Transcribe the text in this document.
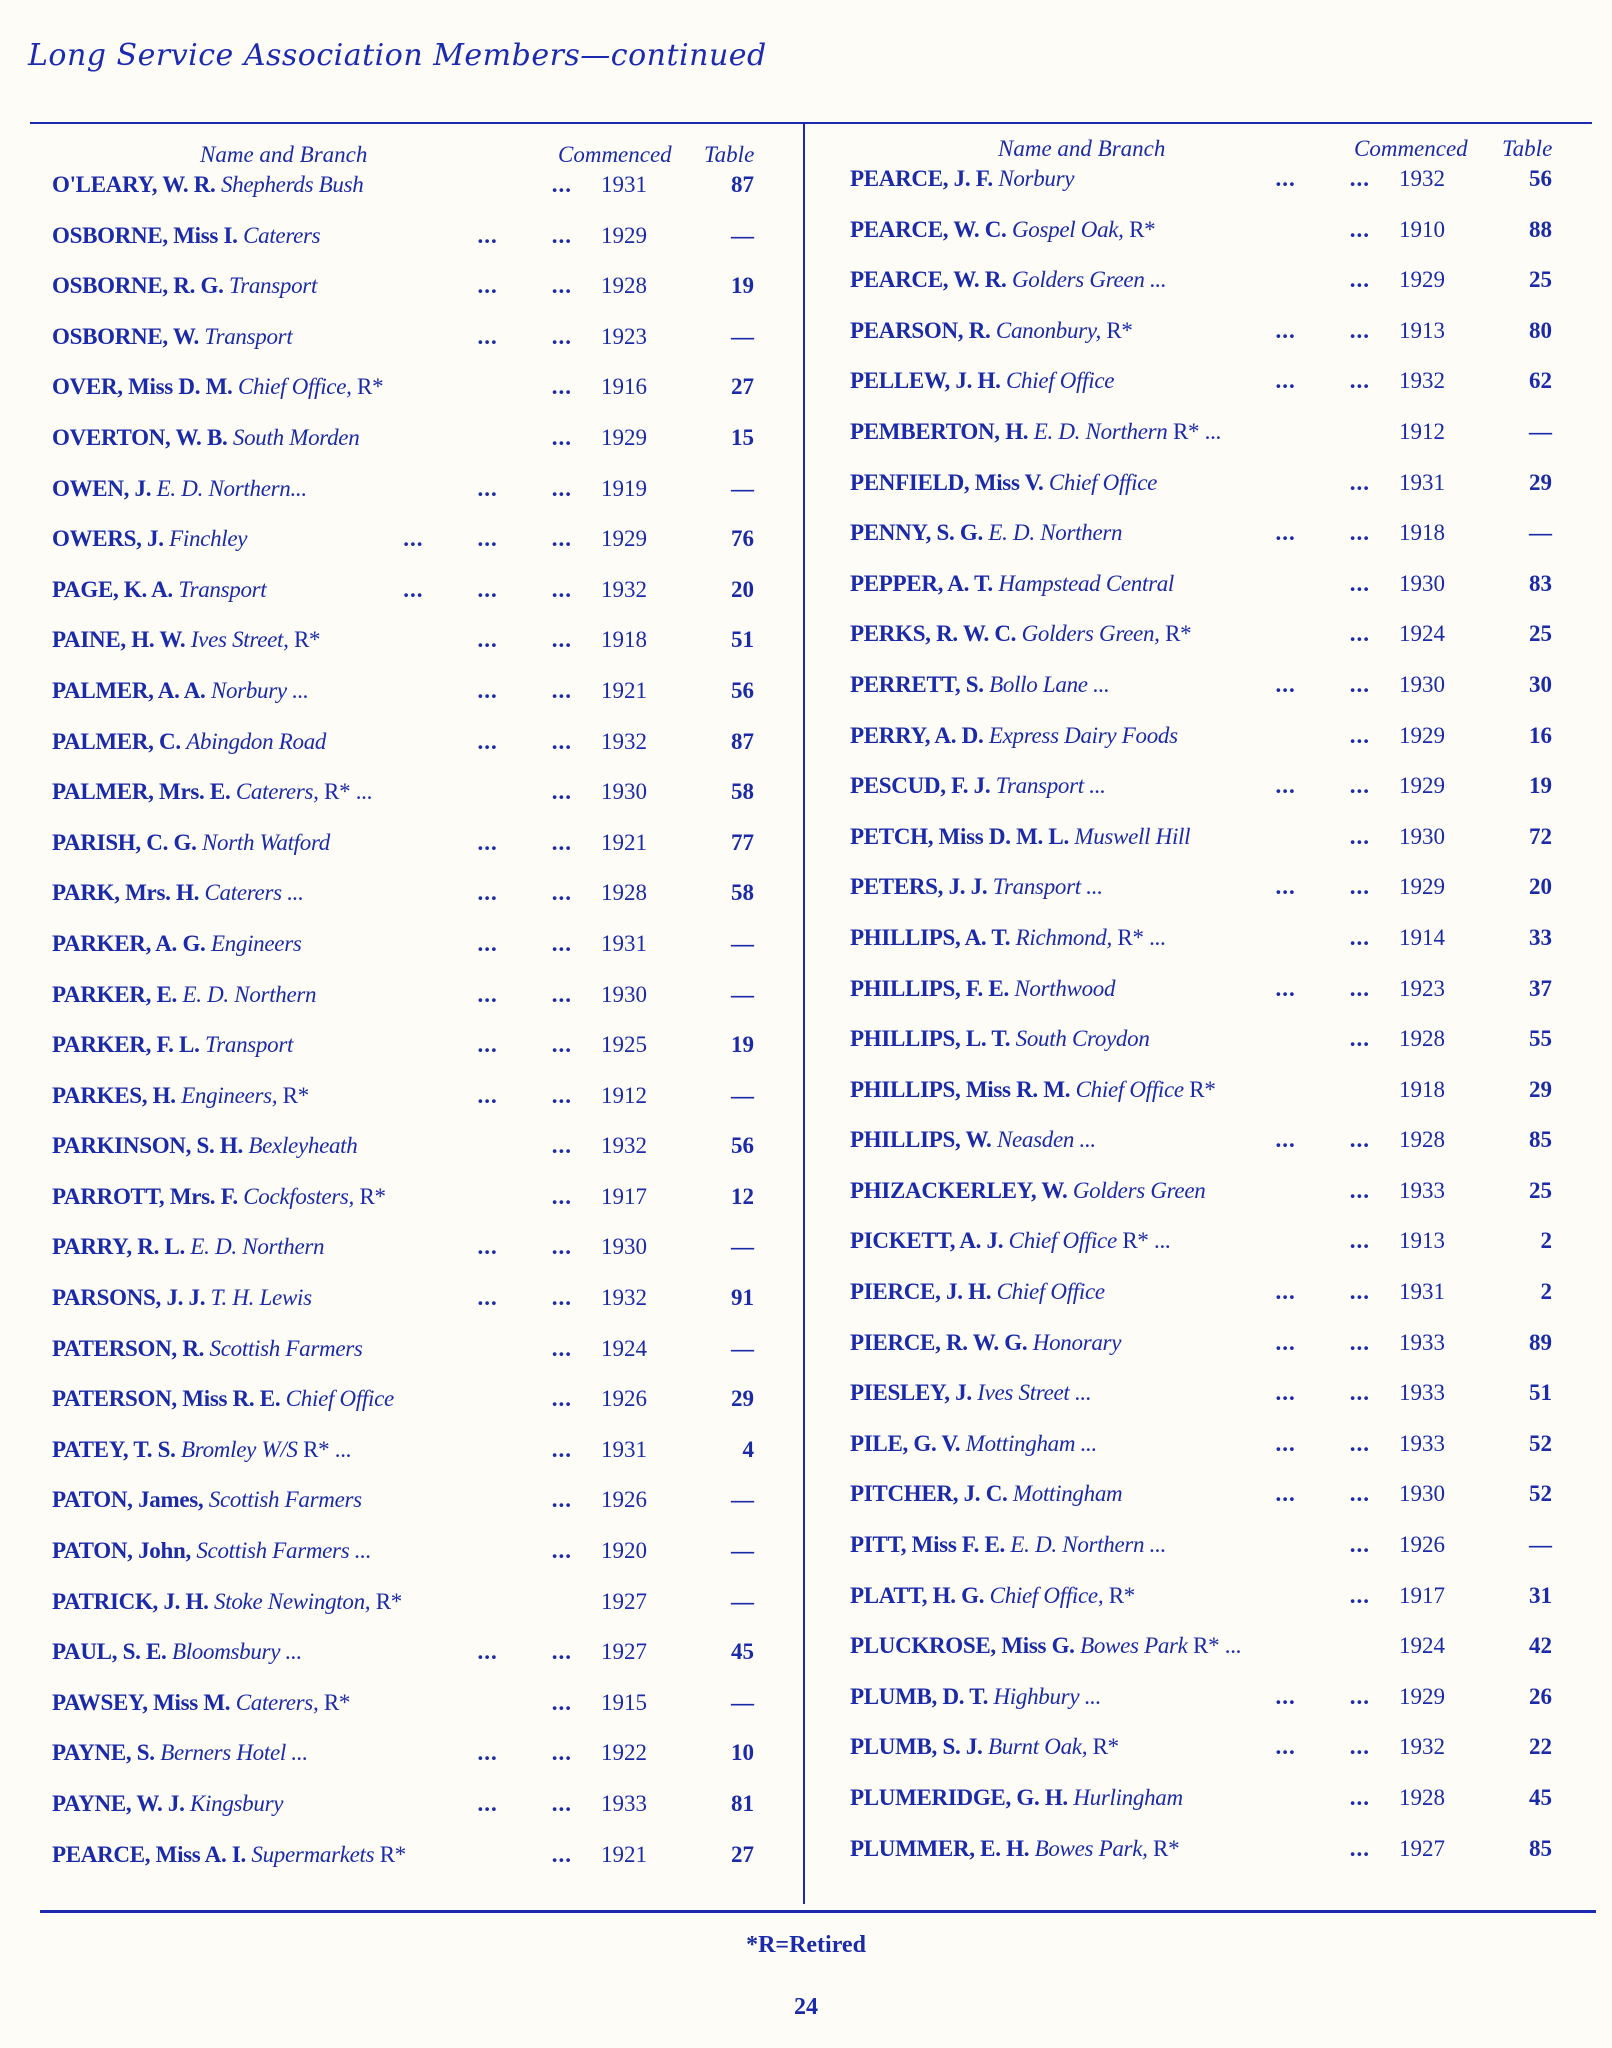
Long Service Association Members—continued
Name and Branch	Commenced Table
O'LEARY, W. R. Shepherds Bush	...	1931	87
OSBORNE, Miss I. Caterers	...        ...	1929	—
OSBORNE, R. G. Transport	...        ...	1928	19
OSBORNE, W. Transport	...        ...	1923	—
OVER, Miss D. M. Chief Office, R*	...	1916	27
OVERTON, W. B. South Morden	...	1929	15
OWEN, J. E. D. Northern...	...        ...	1919	—
OWERS, J. Finchley	...        ...        ...	1929	76
PAGE, K. A. Transport	...        ...        ...	1932	20
PAINE, H. W. Ives Street, R*	...        ...	1918	51
PALMER, A. A. Norbury ...	...        ...	1921	56
PALMER, C. Abingdon Road	...        ...	1932	87
PALMER, Mrs. E. Caterers, R* ...	...	1930	58
PARISH, C. G. North Watford	...        ...	1921	77
PARK, Mrs. H. Caterers ...	...        ...	1928	58
PARKER, A. G. Engineers	...        ...	1931	—
PARKER, E. E. D. Northern	...        ...	1930	—
PARKER, F. L. Transport	...        ...	1925	19
PARKES, H. Engineers, R*	...        ...	1912	—
PARKINSON, S. H. Bexleyheath	...	1932	56
PARROTT, Mrs. F. Cockfosters, R*	...	1917	12
PARRY, R. L. E. D. Northern	...        ...	1930	—
PARSONS, J. J. T. H. Lewis	...        ...	1932	91
PATERSON, R. Scottish Farmers	...	1924	—
PATERSON, Miss R. E. Chief Office	...	1926	29
PATEY, T. S. Bromley W/S R* ...	...	1931	4
PATON, James, Scottish Farmers	...	1926	—
PATON, John, Scottish Farmers ...	...	1920	—
PATRICK, J. H. Stoke Newington, R*	1927	—
PAUL, S. E. Bloomsbury ...	...        ...	1927	45
PAWSEY, Miss M. Caterers, R*	...	1915	—
PAYNE, S. Berners Hotel ...	...        ...	1922	10
PAYNE, W. J. Kingsbury	...        ...	1933	81
PEARCE, Miss A. I. Supermarkets R*	...	1921	27
Name and Branch	Commenced Table
PEARCE, J. F. Norbury	...        ...	1932	56
PEARCE, W. C. Gospel Oak, R*	...	1910	88
PEARCE, W. R. Golders Green ...	...	1929	25
PEARSON, R. Canonbury, R*	...        ...	1913	80
PELLEW, J. H. Chief Office	...        ...	1932	62
PEMBERTON, H. E. D. Northern R* ...	1912	—
PENFIELD, Miss V. Chief Office	...	1931	29
PENNY, S. G. E. D. Northern	...        ...	1918	—
PEPPER, A. T. Hampstead Central	...	1930	83
PERKS, R. W. C. Golders Green, R*	...	1924	25
PERRETT, S. Bollo Lane ...	...        ...	1930	30
PERRY, A. D. Express Dairy Foods	...	1929	16
PESCUD, F. J. Transport ...	...        ...	1929	19
PETCH, Miss D. M. L. Muswell Hill	...	1930	72
PETERS, J. J. Transport ...	...        ...	1929	20
PHILLIPS, A. T. Richmond, R* ...	...	1914	33
PHILLIPS, F. E. Northwood	...        ...	1923	37
PHILLIPS, L. T. South Croydon	...	1928	55
PHILLIPS, Miss R. M. Chief Office R*	1918	29
PHILLIPS, W. Neasden ...	...        ...	1928	85
PHIZACKERLEY, W. Golders Green	...	1933	25
PICKETT, A. J. Chief Office R* ...	...	1913	2
PIERCE, J. H. Chief Office	...        ...	1931	2
PIERCE, R. W. G. Honorary	...        ...	1933	89
PIESLEY, J. Ives Street ...	...        ...	1933	51
PILE, G. V. Mottingham ...	...        ...	1933	52
PITCHER, J. C. Mottingham	...        ...	1930	52
PITT, Miss F. E. E. D. Northern ...	...	1926	—
PLATT, H. G. Chief Office, R*	...	1917	31
PLUCKROSE, Miss G. Bowes Park R* ...	1924	42
PLUMB, D. T. Highbury ...	...        ...	1929	26
PLUMB, S. J. Burnt Oak, R*	...        ...	1932	22
PLUMERIDGE, G. H. Hurlingham	...	1928	45
PLUMMER, E. H. Bowes Park, R*	...	1927	85
*R=Retired
24
